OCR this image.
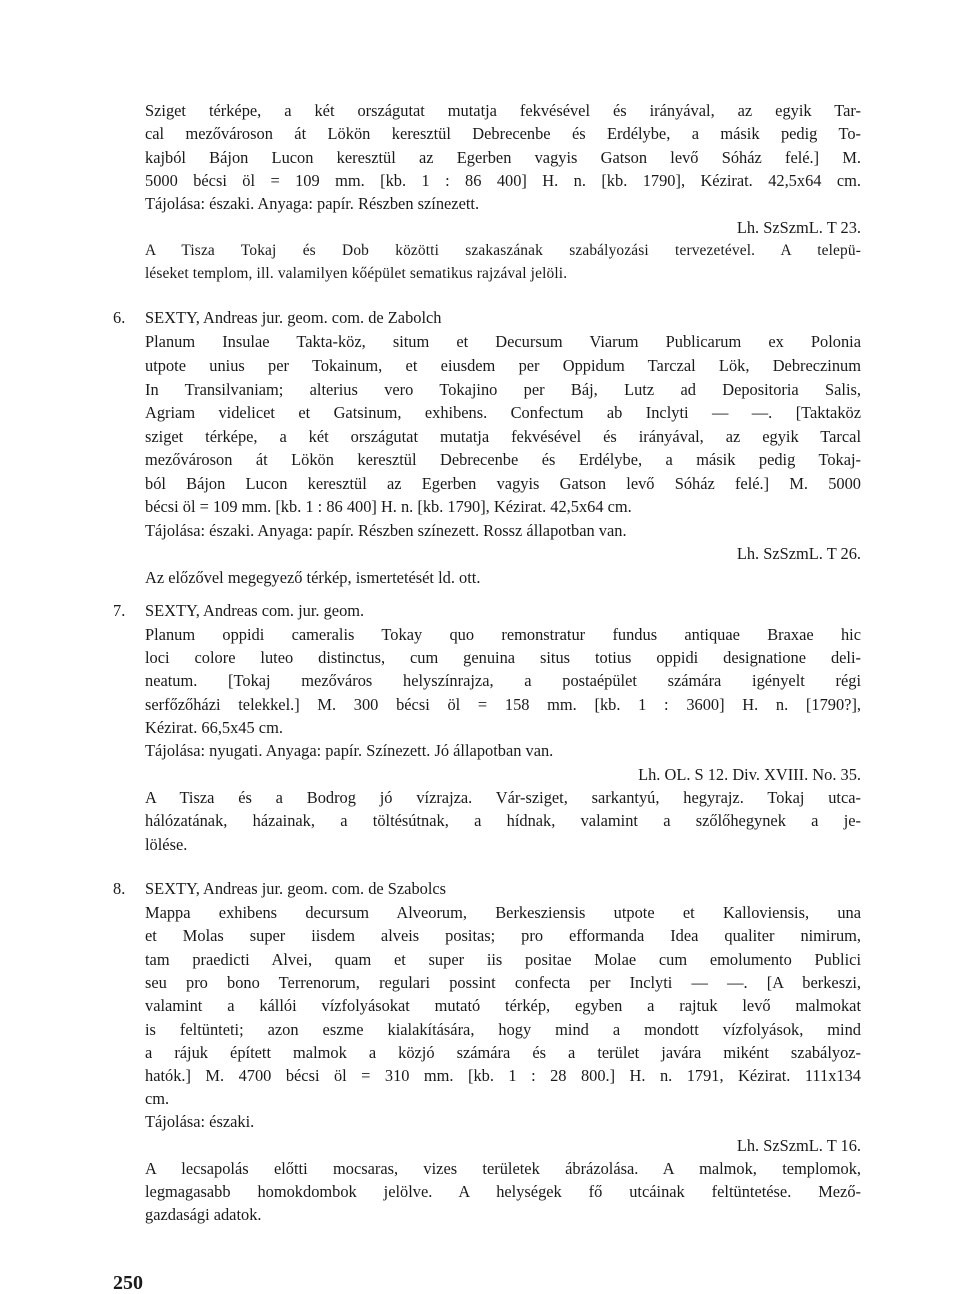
Sziget térképe, a két országutat mutatja fekvésével és irányával, az egyik Tar-
cal mezővároson át Lökön keresztül Debrecenbe és Erdélybe, a másik pedig To-
kajból Bájon Lucon keresztül az Egerben vagyis Gatson levő Sóház felé.] M.
5000 bécsi öl = 109 mm. [kb. 1 : 86 400] H. n. [kb. 1790], Kézirat. 42,5x64 cm.
Tájolása: északi. Anyaga: papír. Részben színezett.
Lh. SzSzmL. T 23.
A Tisza Tokaj és Dob közötti szakaszának szabályozási tervezetével. A telepü-
léseket templom, ill. valamilyen kőépület sematikus rajzával jelöli.
6.	SEXTY, Andreas jur. geom. com. de Zabolch
Planum Insulae Takta-köz, situm et Decursum Viarum Publicarum ex Polonia
utpote unius per Tokainum, et eiusdem per Oppidum Tarczal Lök, Debreczinum
In Transilvaniam; alterius vero Tokajino per Báj, Lutz ad Depositoria Salis,
Agriam videlicet et Gatsinum, exhibens. Confectum ab Inclyti — —. [Taktaköz
sziget térképe, a két országutat mutatja fekvésével és irányával, az egyik Tarcal
mezővároson át Lökön keresztül Debrecenbe és Erdélybe, a másik pedig Tokaj-
ból Bájon Lucon keresztül az Egerben vagyis Gatson levő Sóház felé.] M. 5000
bécsi öl = 109 mm. [kb. 1 : 86 400] H. n. [kb. 1790], Kézirat. 42,5x64 cm.
Tájolása: északi. Anyaga: papír. Részben színezett. Rossz állapotban van.
Lh. SzSzmL. T 26.
Az előzővel megegyező térkép, ismertetését ld. ott.
7.	SEXTY, Andreas com. jur. geom.
Planum oppidi cameralis Tokay quo remonstratur fundus antiquae Braxae hic
loci colore luteo distinctus, cum genuina situs totius oppidi designatione deli-
neatum. [Tokaj mezőváros helyszínrajza, a postaépület számára igényelt régi
serfőzőházi telekkel.] M. 300 bécsi öl = 158 mm. [kb. 1 : 3600] H. n. [1790?],
Kézirat. 66,5x45 cm.
Tájolása: nyugati. Anyaga: papír. Színezett. Jó állapotban van.
Lh. OL. S 12. Div. XVIII. No. 35.
A Tisza és a Bodrog jó vízrajza. Vár-sziget, sarkantyú, hegyrajz. Tokaj utca-
hálózatának, házainak, a töltésútnak, a hídnak, valamint a szőlőhegynek a je-
lölése.
8.	SEXTY, Andreas jur. geom. com. de Szabolcs
Mappa exhibens decursum Alveorum, Berkesziensis utpote et Kalloviensis, una
et Molas super iisdem alveis positas; pro efformanda Idea qualiter nimirum,
tam praedicti Alvei, quam et super iis positae Molae cum emolumento Publici
seu pro bono Terrenorum, regulari possint confecta per Inclyti — —. [A berkeszi,
valamint a kállói vízfolyásokat mutató térkép, egyben a rajtuk levő malmokat
is feltünteti; azon eszme kialakítására, hogy mind a mondott vízfolyások, mind
a rájuk épített malmok a közjó számára és a terület javára miként szabályoz-
hatók.] M. 4700 bécsi öl = 310 mm. [kb. 1 : 28 800.] H. n. 1791, Kézirat. 111x134
cm.
Tájolása: északi.
Lh. SzSzmL. T 16.
A lecsapolás előtti mocsaras, vizes területek ábrázolása. A malmok, templomok,
legmagasabb homokdombok jelölve. A helységek fő utcáinak feltüntetése. Mező-
gazdasági adatok.
250
